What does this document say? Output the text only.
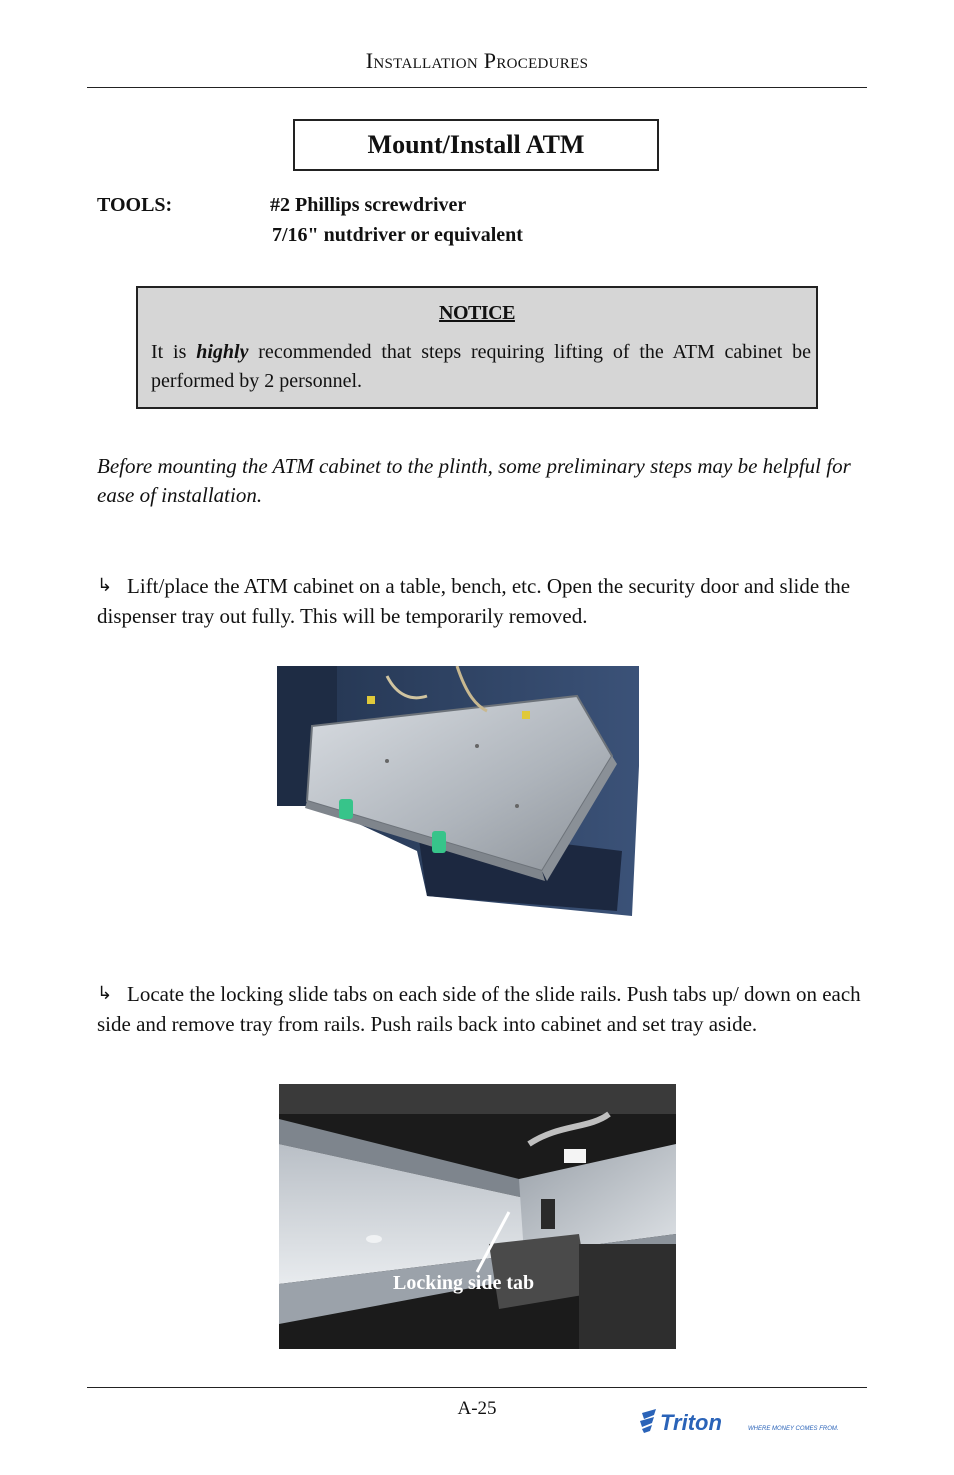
Installation Procedures
Mount/Install ATM
TOOLS:	#2 Phillips screwdriver
7/16" nutdriver or equivalent
NOTICE
It is highly recommended that steps requiring lifting of the ATM cabinet be performed by 2 personnel.
Before mounting the ATM cabinet to the plinth, some preliminary steps may be helpful for ease of installation.
↳ Lift/place the ATM cabinet on a table, bench, etc. Open the security door and slide the dispenser tray out fully. This will be temporarily removed.
↳ Locate the locking slide tabs on each side of the slide rails. Push tabs up/ down on each side and remove tray from rails. Push rails back into cabinet and set tray aside.
Locking side tab
A-25
Triton	WHERE MONEY COMES FROM.
